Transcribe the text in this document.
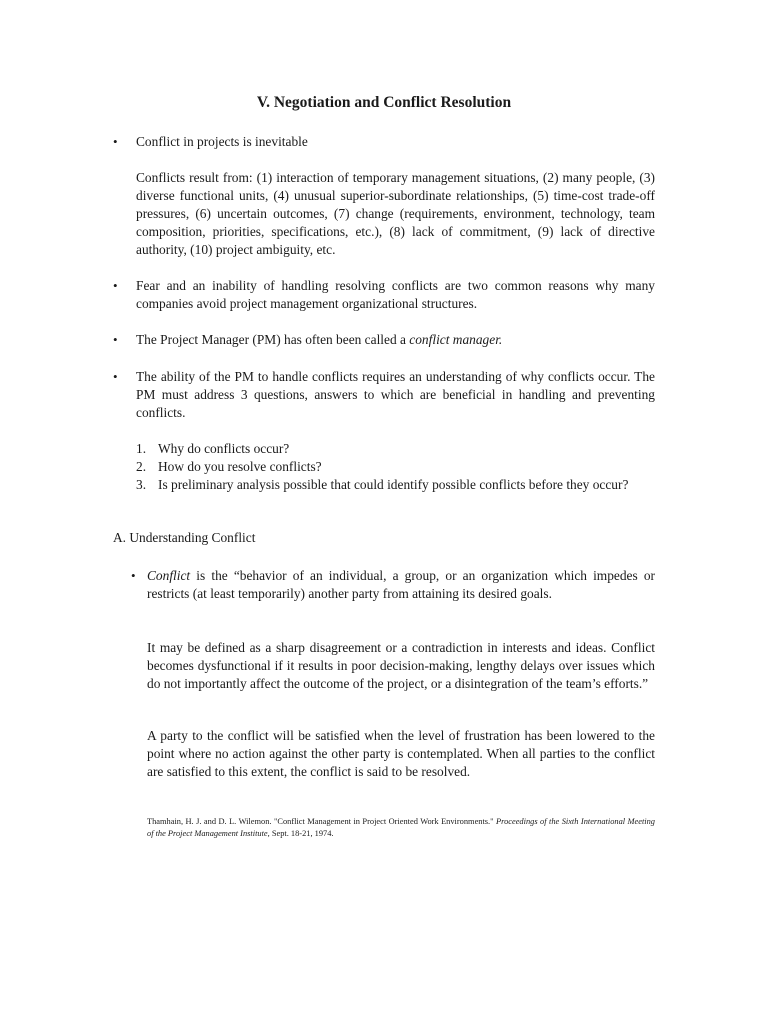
V. Negotiation and Conflict Resolution
•	Conflict in projects is inevitable
Conflicts result from: (1) interaction of temporary management situations, (2) many people, (3) diverse functional units, (4) unusual superior-subordinate relationships, (5) time-cost trade-off pressures, (6) uncertain outcomes, (7) change (requirements, environment, technology, team composition, priorities, specifications, etc.), (8) lack of commitment, (9) lack of directive authority, (10) project ambiguity, etc.
•	Fear and an inability of handling resolving conflicts are two common reasons why many companies avoid project management organizational structures.
•	The Project Manager (PM) has often been called a conflict manager.
•	The ability of the PM to handle conflicts requires an understanding of why conflicts occur. The PM must address 3 questions, answers to which are beneficial in handling and preventing conflicts.
1. Why do conflicts occur?
2. How do you resolve conflicts?
3. Is preliminary analysis possible that could identify possible conflicts before they occur?
A. Understanding Conflict
• Conflict is the “behavior of an individual, a group, or an organization which impedes or restricts (at least temporarily) another party from attaining its desired goals.
It may be defined as a sharp disagreement or a contradiction in interests and ideas. Conflict becomes dysfunctional if it results in poor decision-making, lengthy delays over issues which do not importantly affect the outcome of the project, or a disintegration of the team’s efforts.”
A party to the conflict will be satisfied when the level of frustration has been lowered to the point where no action against the other party is contemplated. When all parties to the conflict are satisfied to this extent, the conflict is said to be resolved.
Thamhain, H. J. and D. L. Wilemon. "Conflict Management in Project Oriented Work Environments." Proceedings of the Sixth International Meeting of the Project Management Institute, Sept. 18-21, 1974.
